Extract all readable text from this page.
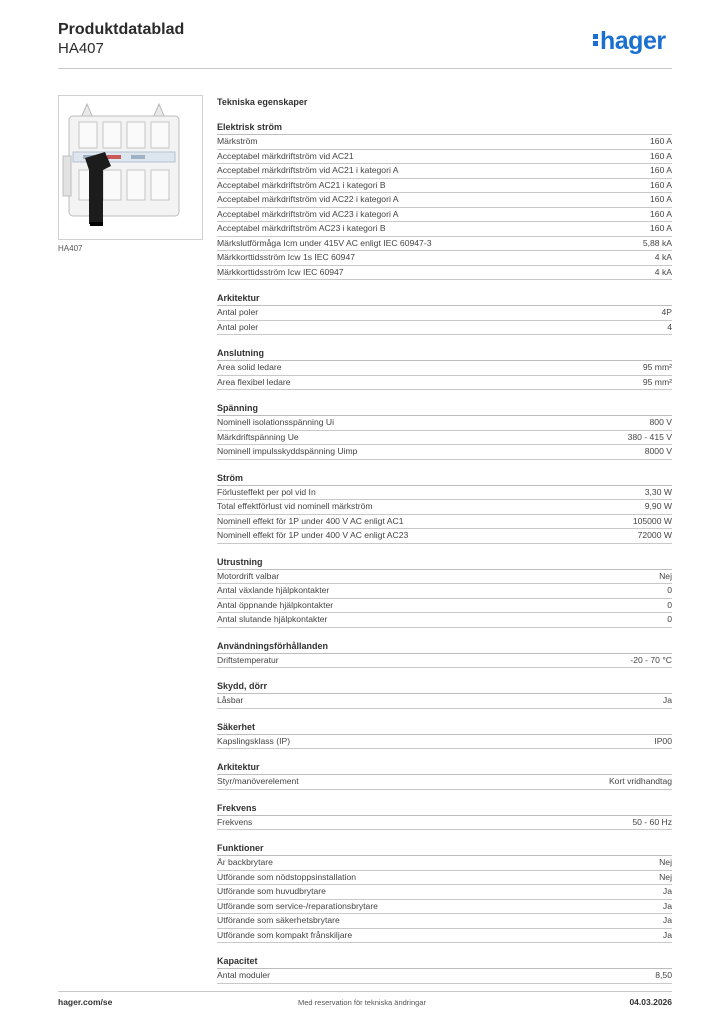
Produktdatablad
HA407	hager
HA407
Tekniska egenskaper
Elektrisk ström
Märkström	160 A
Acceptabel märkdriftström vid AC21	160 A
Acceptabel märkdriftström vid AC21 i kategori A	160 A
Acceptabel märkdriftström AC21 i kategori B	160 A
Acceptabel märkdriftström vid AC22 i kategori A	160 A
Acceptabel märkdriftström vid AC23 i kategori A	160 A
Acceptabel märkdriftström AC23 i kategori B	160 A
Märkslutförmåga Icm under 415V AC enligt IEC 60947-3	5,88 kA
Märkkorttidsström Icw 1s IEC 60947	4 kA
Märkkorttidsström Icw IEC 60947	4 kA
Arkitektur
Antal poler	4P
Antal poler	4
Anslutning
Area solid ledare	95 mm²
Area flexibel ledare	95 mm²
Spänning
Nominell isolationsspänning Ui	800 V
Märkdriftspänning Ue	380 - 415 V
Nominell impulsskyddspänning Uimp	8000 V
Ström
Förlusteffekt per pol vid In	3,30 W
Total effektförlust vid nominell märkström	9,90 W
Nominell effekt för 1P under 400 V AC enligt AC1	105000 W
Nominell effekt för 1P under 400 V AC enligt AC23	72000 W
Utrustning
Motordrift valbar	Nej
Antal växlande hjälpkontakter	0
Antal öppnande hjälpkontakter	0
Antal slutande hjälpkontakter	0
Användningsförhållanden
Driftstemperatur	-20 - 70 °C
Skydd, dörr
Låsbar	Ja
Säkerhet
Kapslingsklass (IP)	IP00
Arkitektur
Styr/manöverelement	Kort vridhandtag
Frekvens
Frekvens	50 - 60 Hz
Funktioner
Är backbrytare	Nej
Utförande som nödstoppsinstallation	Nej
Utförande som huvudbrytare	Ja
Utförande som service-/reparationsbrytare	Ja
Utförande som säkerhetsbrytare	Ja
Utförande som kompakt frånskiljare	Ja
Kapacitet
Antal moduler	8,50
hager.com/se	Med reservation för tekniska ändringar	04.03.2026
